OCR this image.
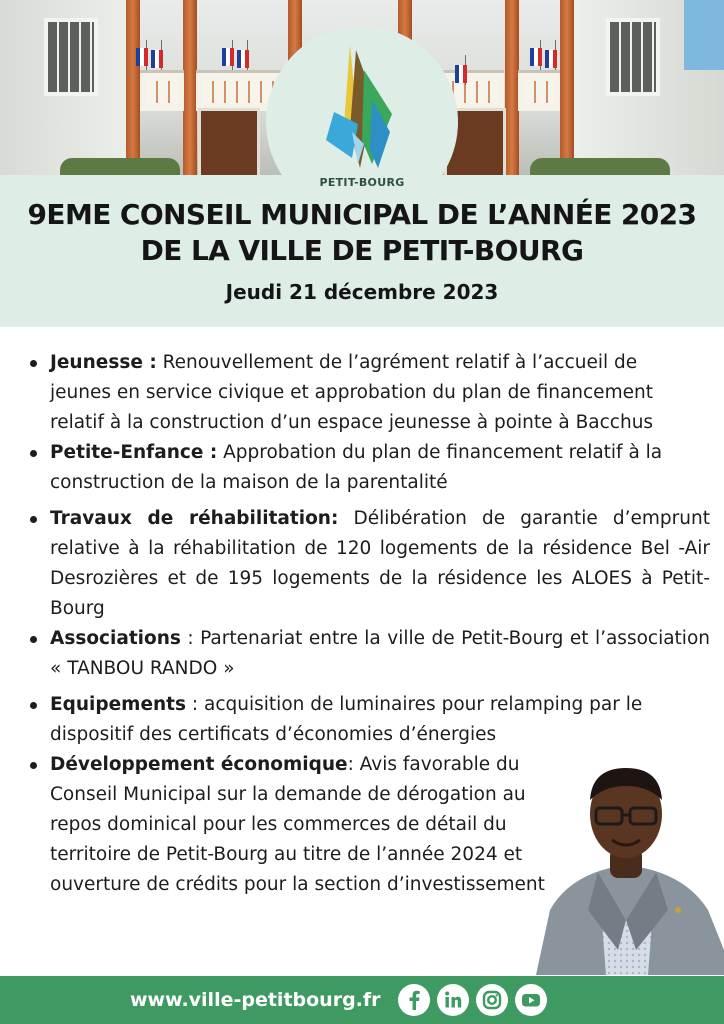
PETIT-BOURG
9EME CONSEIL MUNICIPAL DE L’ANNÉE 2023
DE LA VILLE DE PETIT-BOURG
Jeudi 21 décembre 2023
Jeunesse : Renouvellement de l’agrément relatif à l’accueil de jeunes en service civique et approbation du plan de financement relatif à la construction d’un espace jeunesse à pointe à Bacchus
Petite-Enfance : Approbation du plan de financement relatif à la construction de la maison de la parentalité
Travaux de réhabilitation: Délibération de garantie d’emprunt relative à la réhabilitation de 120 logements de la résidence Bel -Air Desrozières et de 195 logements de la résidence les ALOES à Petit-Bourg
Associations : Partenariat entre la ville de Petit-Bourg et l’association « TANBOU RANDO »
Equipements : acquisition de luminaires pour relamping par le dispositif des certificats d’économies d’énergies
Développement économique: Avis favorable du Conseil Municipal sur la demande de dérogation au repos dominical pour les commerces de détail du territoire de Petit-Bourg au titre de l’année 2024 et ouverture de crédits pour la section d’investissement
www.ville-petitbourg.fr
